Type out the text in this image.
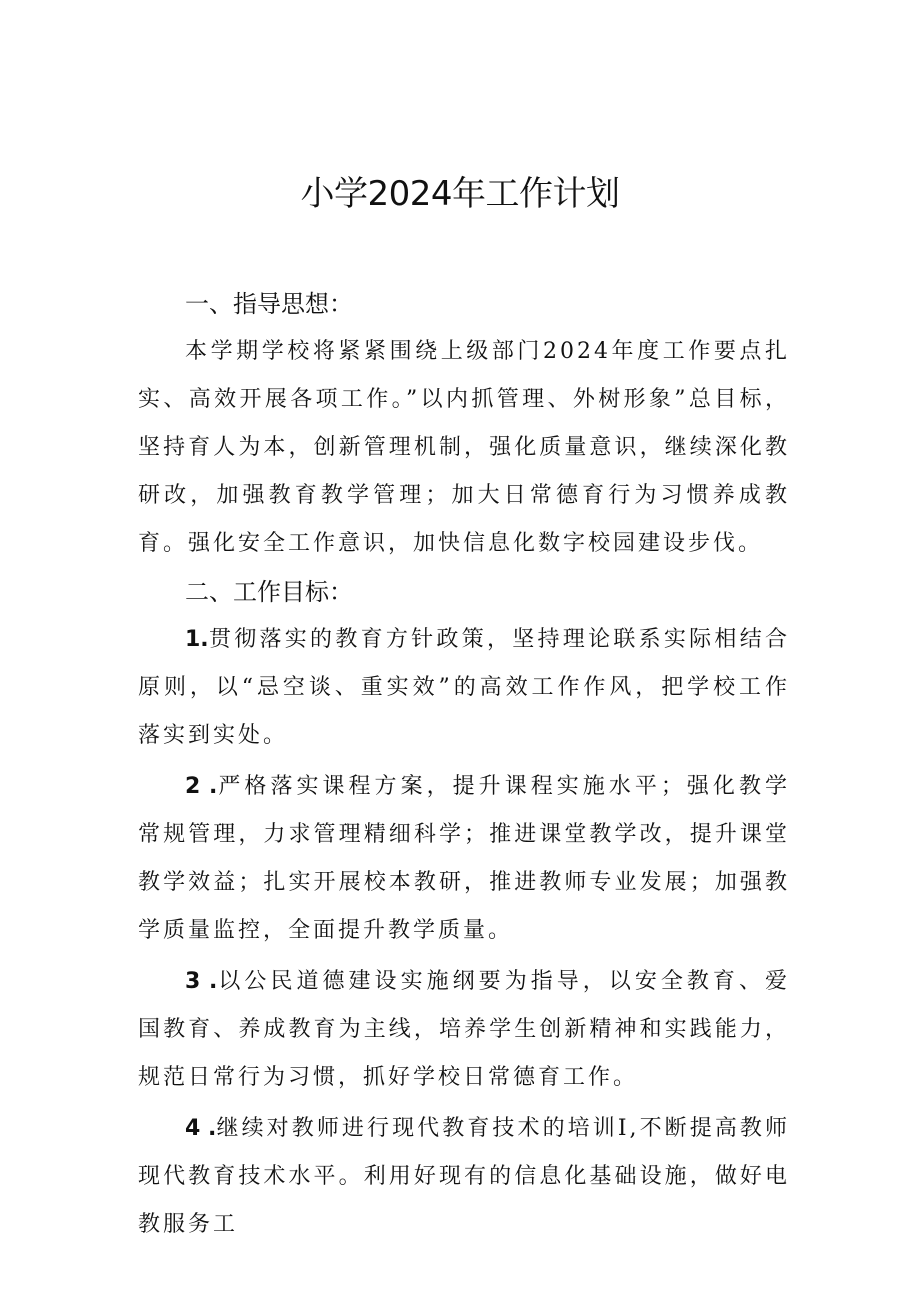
小学2024年工作计划

一、指导思想：

本学期学校将紧紧围绕上级部门2024年度工作要点扎实、高效开展各项工作。”以内抓管理、外树形象”总目标，坚持育人为本，创新管理机制，强化质量意识，继续深化教研改，加强教育教学管理；加大日常德育行为习惯养成教育。强化安全工作意识，加快信息化数字校园建设步伐。

二、工作目标：

1.贯彻落实的教育方针政策，坚持理论联系实际相结合原则，以“忌空谈、重实效”的高效工作作风，把学校工作落实到实处。

2 .严格落实课程方案，提升课程实施水平；强化教学常规管理，力求管理精细科学；推进课堂教学改，提升课堂教学效益；扎实开展校本教研，推进教师专业发展；加强教学质量监控，全面提升教学质量。

3 .以公民道德建设实施纲要为指导，以安全教育、爱国教育、养成教育为主线，培养学生创新精神和实践能力，规范日常行为习惯，抓好学校日常德育工作。

4 .继续对教师进行现代教育技术的培训I,不断提高教师现代教育技术水平。利用好现有的信息化基础设施，做好电教服务工
